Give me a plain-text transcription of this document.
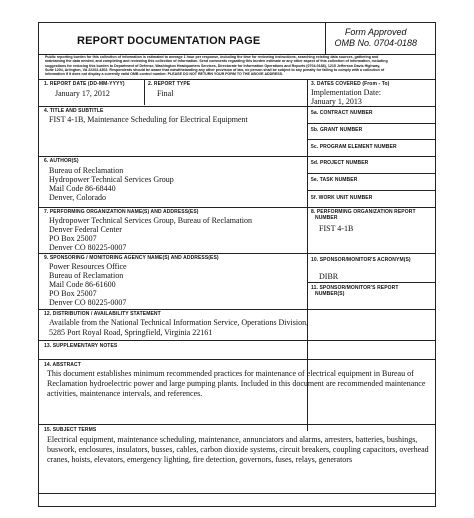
REPORT DOCUMENTATION PAGE
Form Approved
OMB No. 0704-0188
Public reporting burden for this collection of information is estimated to average 1 hour per response, including the time for reviewing instructions, searching existing data sources, gathering and
maintaining the data needed, and completing and reviewing this collection of information. Send comments regarding this burden estimate or any other aspect of this collection of information, including
suggestions for reducing this burden to Department of Defense, Washington Headquarters Services, Directorate for Information Operations and Reports (0704-0188), 1215 Jefferson Davis Highway,
Suite 1204, Arlington, VA 22202-4302. Respondents should be aware that notwithstanding any other provision of law, no person shall be subject to any penalty for failing to comply with a collection of
information if it does not display a currently valid OMB control number. PLEASE DO NOT RETURN YOUR FORM TO THE ABOVE ADDRESS.
1. REPORT DATE (DD-MM-YYYY)
January 17, 2012
2. REPORT TYPE
Final
3. DATES COVERED (From - To)
Implementation Date:
January 1, 2013
4. TITLE AND SUBTITLE
FIST 4-1B, Maintenance Scheduling for Electrical Equipment
5a. CONTRACT NUMBER
5b. GRANT NUMBER
5c. PROGRAM ELEMENT NUMBER
6. AUTHOR(S)
Bureau of Reclamation
Hydropower Technical Services Group
Mail Code 86-68440
Denver, Colorado
5d. PROJECT NUMBER
5e. TASK NUMBER
5f. WORK UNIT NUMBER
7. PERFORMING ORGANIZATION NAME(S) AND ADDRESS(ES)
Hydropower Technical Services Group, Bureau of Reclamation
Denver Federal Center
PO Box 25007
Denver CO 80225-0007
8. PERFORMING ORGANIZATION REPORT
NUMBER
FIST 4-1B
9. SPONSORING / MONITORING AGENCY NAME(S) AND ADDRESS(ES)
Power Resources Office
Bureau of Reclamation
Mail Code 86-61600
PO Box 25007
Denver CO 80225-0007
10. SPONSOR/MONITOR'S ACRONYM(S)
DIBR
11. SPONSOR/MONITOR'S REPORT
NUMBER(S)
12. DISTRIBUTION / AVAILABILITY STATEMENT
Available from the National Technical Information Service, Operations Division,
5285 Port Royal Road, Springfield, Virginia 22161
13. SUPPLEMENTARY NOTES
14. ABSTRACT
This document establishes minimum recommended practices for maintenance of electrical equipment in Bureau of Reclamation hydroelectric power and large pumping plants. Included in this document are recommended maintenance activities, maintenance intervals, and references.
15. SUBJECT TERMS
Electrical equipment, maintenance scheduling, maintenance, annunciators and alarms, arresters, batteries, bushings, buswork, enclosures, insulators, busses, cables, carbon dioxide systems, circuit breakers, coupling capacitors, overhead cranes, hoists, elevators, emergency lighting, fire detection, governors, fuses, relays, generators
